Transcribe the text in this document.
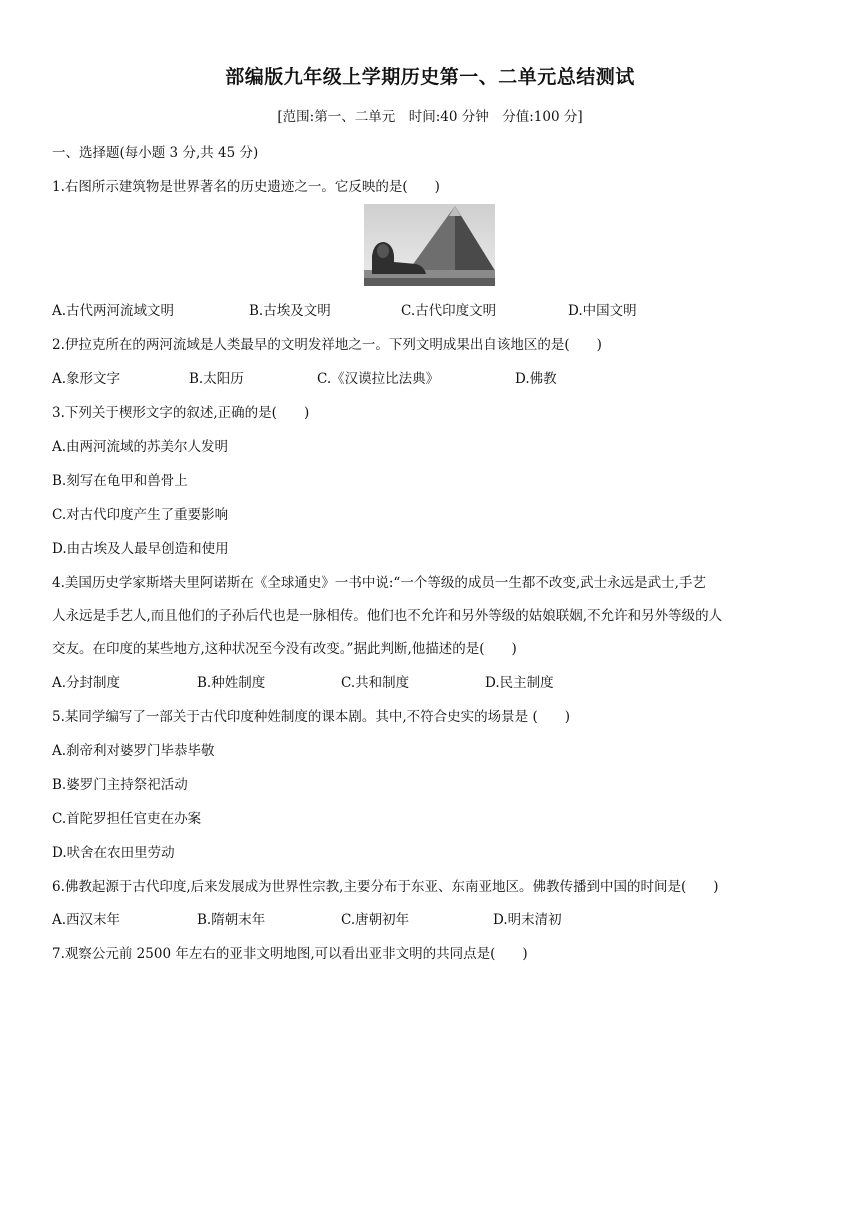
部编版九年级上学期历史第一、二单元总结测试
[范围:第一、二单元　时间:40 分钟　分值:100 分]
一、选择题(每小题 3 分,共 45 分)
1.右图所示建筑物是世界著名的历史遗迹之一。它反映的是(　　)
A.古代两河流域文明	B.古埃及文明	C.古代印度文明	D.中国文明
2.伊拉克所在的两河流域是人类最早的文明发祥地之一。下列文明成果出自该地区的是(　　)
A.象形文字	B.太阳历	C.《汉谟拉比法典》	D.佛教
3.下列关于楔形文字的叙述,正确的是(　　)
A.由两河流域的苏美尔人发明
B.刻写在龟甲和兽骨上
C.对古代印度产生了重要影响
D.由古埃及人最早创造和使用
4.美国历史学家斯塔夫里阿诺斯在《全球通史》一书中说:“一个等级的成员一生都不改变,武士永远是武士,手艺
人永远是手艺人,而且他们的子孙后代也是一脉相传。他们也不允许和另外等级的姑娘联姻,不允许和另外等级的人
交友。在印度的某些地方,这种状况至今没有改变。”据此判断,他描述的是(　　)
A.分封制度	B.种姓制度	C.共和制度	D.民主制度
5.某同学编写了一部关于古代印度种姓制度的课本剧。其中,不符合史实的场景是 (　　)
A.刹帝利对婆罗门毕恭毕敬
B.婆罗门主持祭祀活动
C.首陀罗担任官吏在办案
D.吠舍在农田里劳动
6.佛教起源于古代印度,后来发展成为世界性宗教,主要分布于东亚、东南亚地区。佛教传播到中国的时间是(　　)
A.西汉末年	B.隋朝末年	C.唐朝初年	D.明末清初
7.观察公元前 2500 年左右的亚非文明地图,可以看出亚非文明的共同点是(　　)
